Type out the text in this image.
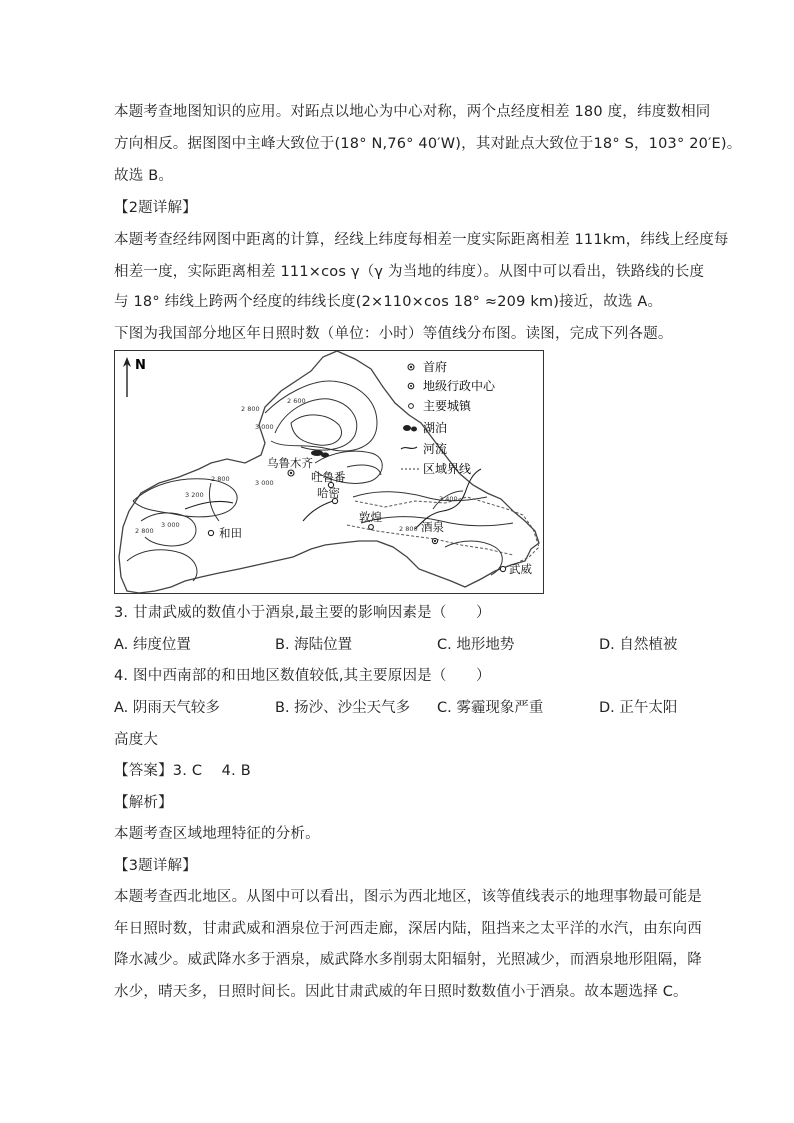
本题考查地图知识的应用。对跖点以地心为中心对称，两个点经度相差 180 度，纬度数相同
方向相反。据图图中主峰大致位于(18° N,76° 40′W)，其对趾点大致位于18° S，103° 20′E)。
故选 B。
【2题详解】
本题考查经纬网图中距离的计算，经线上纬度每相差一度实际距离相差 111km，纬线上经度每
相差一度，实际距离相差 111×cos γ（γ 为当地的纬度）。从图中可以看出，铁路线的长度
与 18° 纬线上跨两个经度的纬线长度(2×110×cos 18° ≈209 km)接近，故选 A。
下图为我国部分地区年日照时数（单位：小时）等值线分布图。读图，完成下列各题。
N
乌鲁木齐
吐鲁番
哈密
敦煌
酒泉
和田
武威
2 800
3 000
2 600
3 000
2 800
3 200
3 000
2 800
3 400
2 800
首府
地级行政中心
主要城镇
湖泊
河流
区域界线
3. 甘肃武威的数值小于酒泉,最主要的影响因素是（　　）
A. 纬度位置	B. 海陆位置	C. 地形地势	D. 自然植被
4. 图中西南部的和田地区数值较低,其主要原因是（　　）
A. 阴雨天气较多	B. 扬沙、沙尘天气多 C. 雾霾现象严重	D. 正午太阳
高度大
【答案】3. C　 4. B
【解析】
本题考查区域地理特征的分析。
【3题详解】
本题考查西北地区。从图中可以看出，图示为西北地区，该等值线表示的地理事物最可能是
年日照时数，甘肃武威和酒泉位于河西走廊，深居内陆，阻挡来之太平洋的水汽，由东向西
降水减少。威武降水多于酒泉，威武降水多削弱太阳辐射，光照减少，而酒泉地形阻隔，降
水少，晴天多，日照时间长。因此甘肃武威的年日照时数数值小于酒泉。故本题选择 C。
